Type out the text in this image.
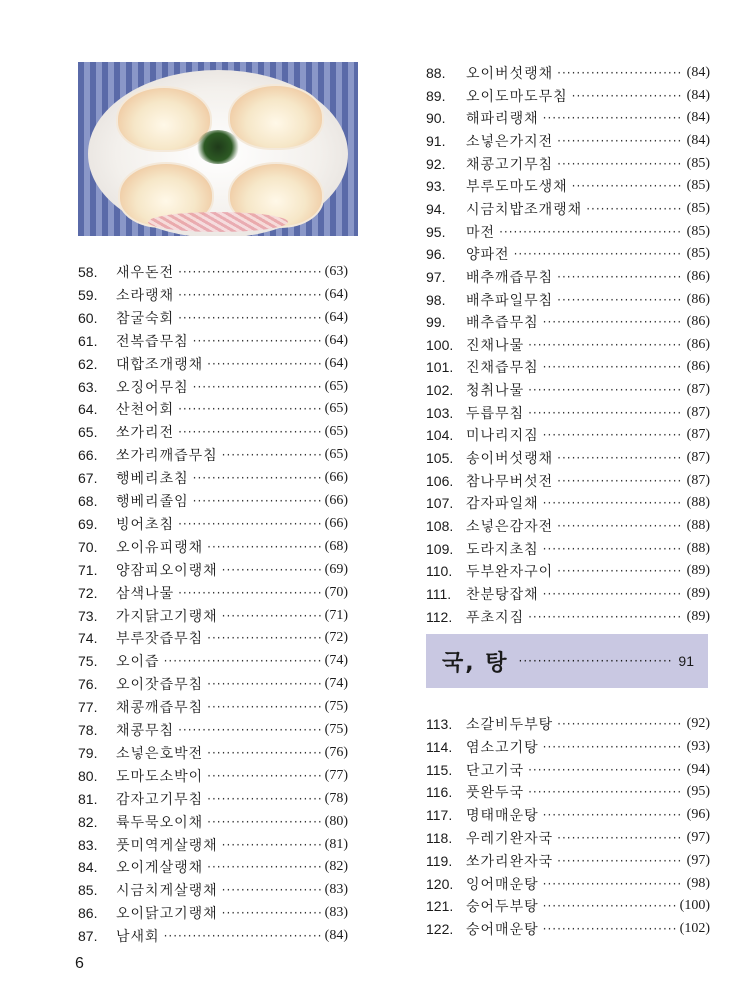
58.	새우돈전 ·····	(63)
59.	소라랭채 ·····	(64)
60.	참굴숙회 ·····	(64)
61.	전복즙무침 ·····	(64)
62.	대합조개랭채 ·····	(64)
63.	오징어무침 ·····	(65)
64.	산천어회 ·····	(65)
65.	쏘가리전 ·····	(65)
66.	쏘가리깨즙무침 ·····	(65)
67.	행베리초침 ·····	(66)
68.	행베리졸임 ·····	(66)
69.	빙어초침 ·····	(66)
70.	오이유피랭채 ·····	(68)
71.	양잠피오이랭채 ·····	(69)
72.	삼색나물 ·····	(70)
73.	가지닭고기랭채 ·····	(71)
74.	부루잣즙무침 ·····	(72)
75.	오이즙 ·····	(74)
76.	오이잣즙무침 ·····	(74)
77.	채콩깨즙무침 ·····	(75)
78.	채콩무침 ·····	(75)
79.	소넣은호박전 ·····	(76)
80.	도마도소박이 ·····	(77)
81.	감자고기무침 ·····	(78)
82.	륙두묵오이채 ·····	(80)
83.	풋미역게살랭채 ·····	(81)
84.	오이게살랭채 ·····	(82)
85.	시금치게살랭채 ·····	(83)
86.	오이닭고기랭채 ·····	(83)
87.	남새회 ·····	(84)
88.	오이버섯랭채 ·····	(84)
89.	오이도마도무침 ·····	(84)
90.	해파리랭채 ·····	(84)
91.	소넣은가지전 ·····	(84)
92.	채콩고기무침 ·····	(85)
93.	부루도마도생채 ·····	(85)
94.	시금치밥조개랭채 ·····	(85)
95.	마전 ·····	(85)
96.	양파전 ·····	(85)
97.	배추깨즙무침 ·····	(86)
98.	배추파일무침 ·····	(86)
99.	배추즙무침 ·····	(86)
100. 진채나물 ·····	(86)
101. 진채즙무침 ·····	(86)
102. 청취나물 ·····	(87)
103. 두릅무침 ·····	(87)
104. 미나리지짐 ·····	(87)
105. 송이버섯랭채 ·····	(87)
106. 참나무버섯전 ·····	(87)
107. 감자파일채 ·····	(88)
108. 소넣은감자전 ·····	(88)
109. 도라지초침 ·····	(88)
110. 두부완자구이 ·····	(89)
111.	찬분탕잡채 ·····	(89)
112. 푸초지짐 ·····	(89)
국, 탕 ·····	91
113. 소갈비두부탕 ·····	(92)
114. 염소고기탕 ·····	(93)
115. 단고기국 ·····	(94)
116. 풋완두국 ·····	(95)
117. 명태매운탕 ·····	(96)
118. 우레기완자국 ·····	(97)
119. 쏘가리완자국 ·····	(97)
120. 잉어매운탕 ·····	(98)
121. 숭어두부탕 ·····	(100)
122. 숭어매운탕 ·····	(102)
6
